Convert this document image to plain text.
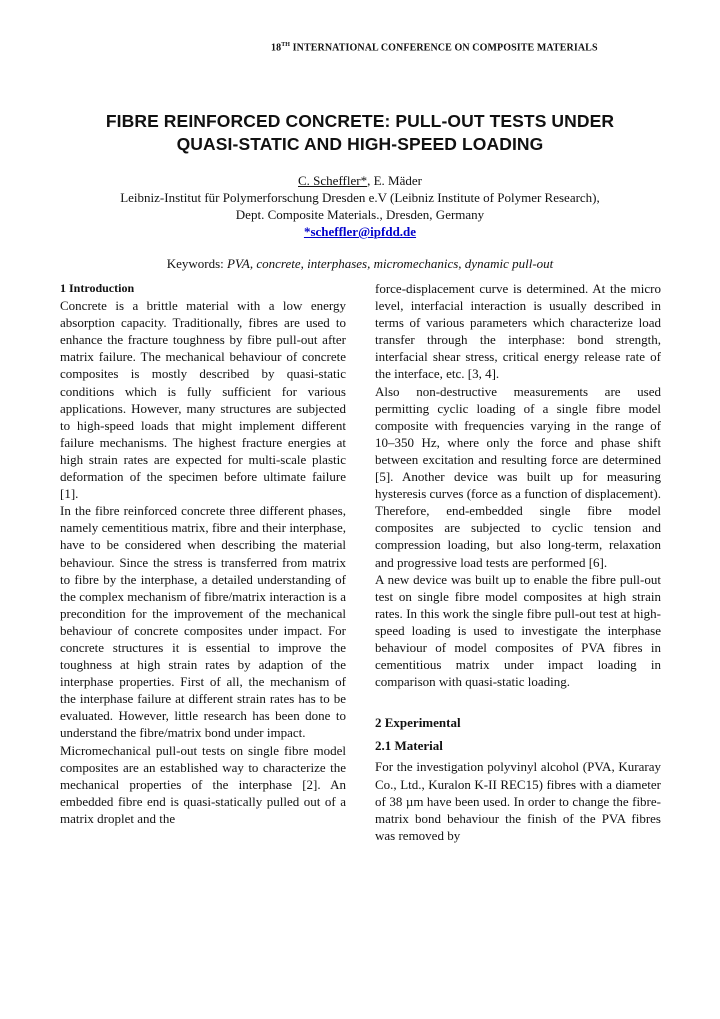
18TH INTERNATIONAL CONFERENCE ON COMPOSITE MATERIALS
FIBRE REINFORCED CONCRETE: PULL-OUT TESTS UNDER
QUASI-STATIC AND HIGH-SPEED LOADING
C. Scheffler*, E. Mäder
Leibniz-Institut für Polymerforschung Dresden e.V (Leibniz Institute of Polymer Research),
Dept. Composite Materials., Dresden, Germany
*scheffler@ipfdd.de
Keywords: PVA, concrete, interphases, micromechanics, dynamic pull-out

1 Introduction

Concrete is a brittle material with a low energy absorption capacity. Traditionally, fibres are used to enhance the fracture toughness by fibre pull-out after matrix failure. The mechanical behaviour of concrete composites is mostly described by quasi-static conditions which is fully sufficient for various applications. However, many structures are subjected to high-speed loads that might implement different failure mechanisms. The highest fracture energies at high strain rates are expected for multi-scale plastic deformation of the specimen before ultimate failure [1].

In the fibre reinforced concrete three different phases, namely cementitious matrix, fibre and their interphase, have to be considered when describing the material behaviour. Since the stress is transferred from matrix to fibre by the interphase, a detailed understanding of the complex mechanism of fibre/matrix interaction is a precondition for the improvement of the mechanical behaviour of concrete composites under impact. For concrete structures it is essential to improve the toughness at high strain rates by adaption of the interphase properties. First of all, the mechanism of the interphase failure at different strain rates has to be evaluated. However, little research has been done to understand the fibre/matrix bond under impact.

Micromechanical pull-out tests on single fibre model composites are an established way to characterize the mechanical properties of the interphase [2]. An embedded fibre end is quasi-statically pulled out of a matrix droplet and the

force-displacement curve is determined. At the micro level, interfacial interaction is usually described in terms of various parameters which characterize load transfer through the interphase: bond strength, interfacial shear stress, critical energy release rate of the interface, etc. [3, 4].

Also non-destructive measurements are used permitting cyclic loading of a single fibre model composite with frequencies varying in the range of 10–350 Hz, where only the force and phase shift between excitation and resulting force are determined [5]. Another device was built up for measuring hysteresis curves (force as a function of displacement). Therefore, end-embedded single fibre model composites are subjected to cyclic tension and compression loading, but also long-term, relaxation and progressive load tests are performed [6].

A new device was built up to enable the fibre pull-out test on single fibre model composites at high strain rates. In this work the single fibre pull-out test at high-speed loading is used to investigate the interphase behaviour of model composites of PVA fibres in cementitious matrix under impact loading in comparison with quasi-static loading.

2 Experimental

2.1 Material

For the investigation polyvinyl alcohol (PVA, Kuraray Co., Ltd., Kuralon K-II REC15) fibres with a diameter of 38 µm have been used. In order to change the fibre-matrix bond behaviour the finish of the PVA fibres was removed by
